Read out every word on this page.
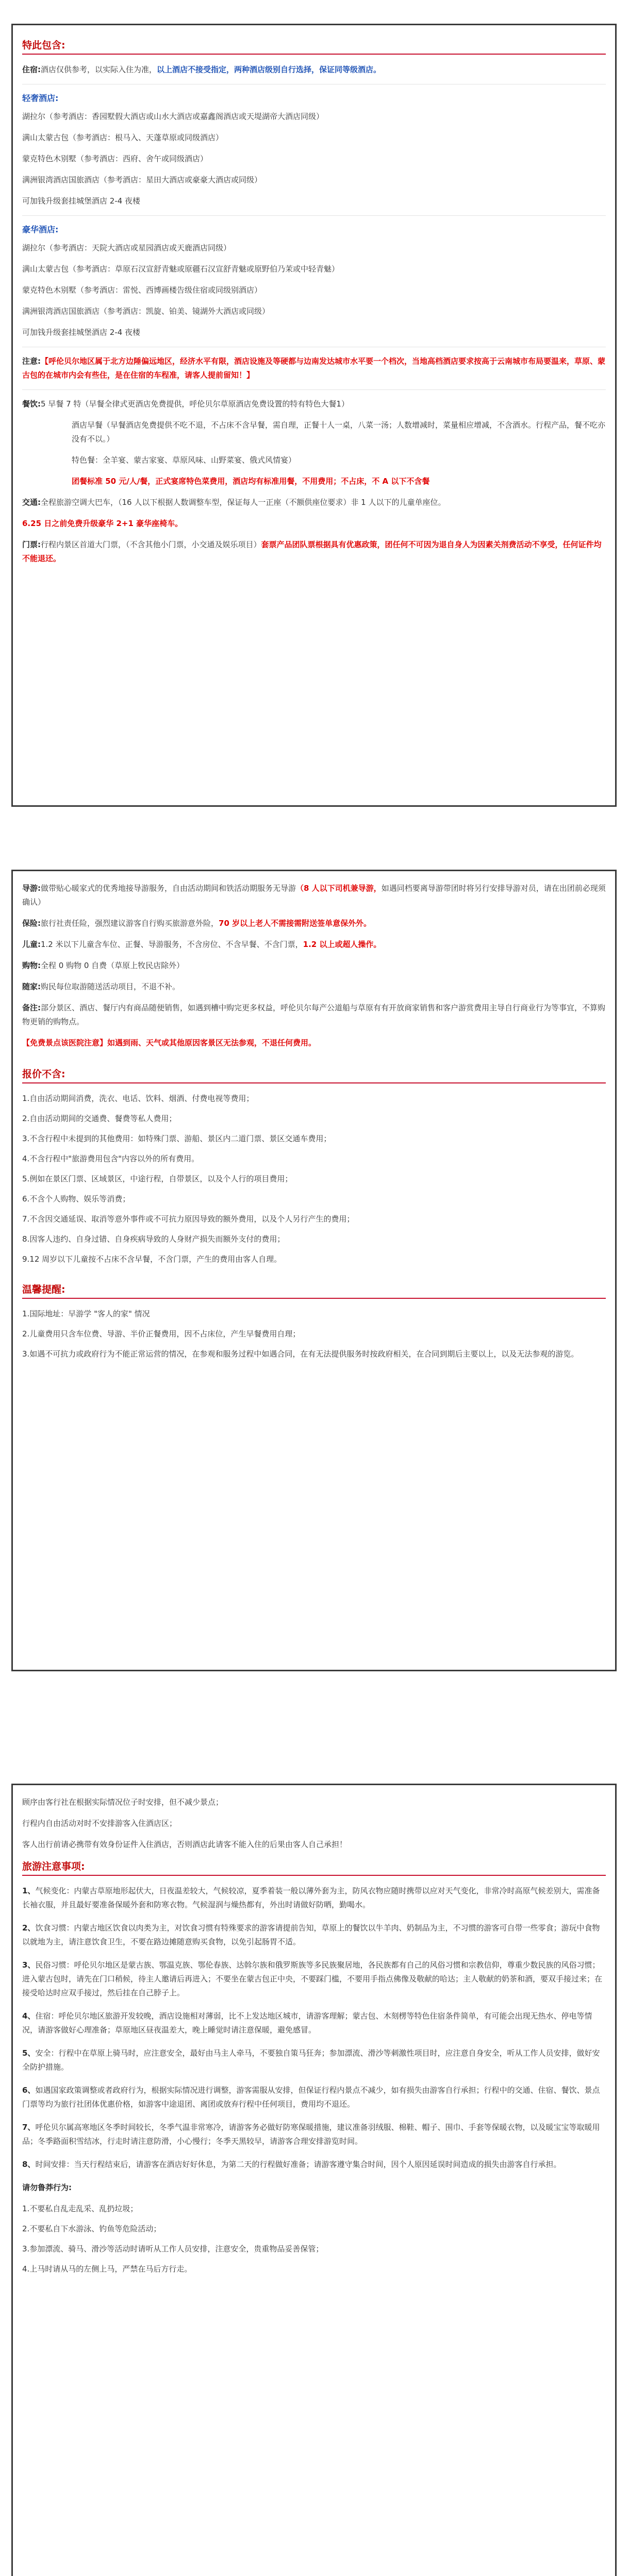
特此包含:
住宿:酒店仅供参考，以实际入住为准，以上酒店不接受指定，两种酒店级别自行选择，保证同等级酒店。
轻奢酒店:
湖拉尔（参考酒店：香园墅假大酒店或山水大酒店或嘉鑫阁酒店或天堤湖帝大酒店同级）
满山太蒙古包（参考酒店：根马入、天蓬草原或同级酒店）
蒙克特色木别墅（参考酒店：西府、舍午或同级酒店）
满洲银湾酒店国旅酒店（参考酒店：星田大酒店或豪豪大酒店或同级）
可加钱升级套挂城堡酒店 2-4 夜楼
豪华酒店:
湖拉尔（参考酒店：天院大酒店或星园酒店或天鹿酒店同级）
满山太蒙古包（参考酒店：草原石汉宣舒青魅或原疆石汉宣舒青魅或原野伯乃茉或中轻青魅）
蒙克特色木别墅（参考酒店：雷悦、西博画楼告级住宿或同级别酒店）
满洲银湾酒店国旅酒店（参考酒店：凯旋、铂美、镜湖外大酒店或同级）
可加钱升级套挂城堡酒店 2-4 夜楼
注意:【呼伦贝尔地区属于北方边陲偏远地区，经济水平有限，酒店设施及等硬都与边南发达城市水平要一个档次，当地高档酒店要求按高于云南城市布局要温来，草原、蒙古包的在城市内会有些住，是在住宿的车程准，请客人提前留知！】
餐饮:5 早餐 7 特（早餐全律式更酒店免费提供，呼伦贝尔草原酒店免费设置的特有特色大餐1）
酒店早餐（早餐酒店免费提供不吃不退，不占床不含早餐，需自理，正餐十人一桌，八菜一汤；人数增减时，菜量相应增减，不含酒水。行程产品，餐不吃亦没有不以。）
特色餐：全羊宴、蒙古家宴、草原风味、山野菜宴、俄式风情宴）
团餐标准 50 元/人/餐，正式宴席特色菜费用，酒店均有标准用餐，不用费用；不占床，不 A 以下不含餐
交通:全程旅游空调大巴车，（16 人以下根据人数调整车型，保证每人一正座（不额供座位要求）非 1 人以下的儿童单座位。
6.25 日之前免费升级豪华 2+1 豪华座椅车。
门票:行程内景区首道大门票，（不含其他小门票，小交通及娱乐项目）套票产品团队票根据具有优惠政策，团任何不可因为退自身人为因素关剂费活动不享受，任何证件均不能退还。
导游:做带贴心暖家式的优秀地接导游服务，自由活动期间和铁活动期服务无导游（8 人以下司机兼导游，如遇同档要离导游带团时将另行安排导游对员，请在出团前必现须确认）
保险:旅行社责任险，强烈建议游客自行购买旅游意外险，70 岁以上老人不需接需附送签单意保外外。
儿童:1.2 米以下儿童含车位、正餐、导游服务，不含房位、不含早餐、不含门票，1.2 以上或超人操作。
购物:全程 0 购物 0 自费（草原上牧民店除外）
随家:购民每位取游随送活动项目，不退不补。
备注:部分景区、酒店、餐厅内有商品随便销售，如遇到槽中购完更多权益，呼伦贝尔每产公道船与草原有有开放商家销售和客户游赏费用主导自行商业行为等事宜，不算购物更销的购物点。
【免费景点该医院注意】如遇到雨、天气或其他原因客景区无法参观，不退任何费用。
报价不含:
1.自由活动期间消费，洗衣、电话、饮料、烟酒、付费电视等费用；
2.自由活动期间的交通费、餐费等私人费用；
3.不含行程中未提到的其他费用：如特殊门票、游船、景区内二道门票、景区交通车费用；
4.不含行程中"旅游费用包含"内容以外的所有费用。
5.例如在景区门票、区域景区，中途行程，自带景区，以及个人行的项目费用；
6.不含个人购物、娱乐等消费；
7.不含因交通延误、取消等意外事件或不可抗力原因导致的额外费用，以及个人另行产生的费用；
8.因客人违约、自身过错、自身疾病导致的人身财产损失而额外支付的费用；
9.12 周岁以下儿童按不占床不含早餐，不含门票，产生的费用由客人自理。
温馨提醒:
1.国际地址：早游学 "客人的家" 情况
2.儿童费用只含车位费、导游、半价正餐费用，因不占床位，产生早餐费用自理；
3.如遇不可抗力或政府行为不能正常运营的情况，在参观和服务过程中如遇合同，在有无法提供服务时按政府相关，在合同到期后主要以上，以及无法参观的游览。
顾序由客行社在根据实际情况位子时安排，但不减少景点；
行程内自由活动对时不安排游客入住酒店区；
客人出行前请必携带有效身份证件入住酒店，否则酒店此请客不能入住的后果由客人自己承担！
旅游注意事项:
1、气候变化：内蒙古草原地形起伏大，日夜温差较大，气候较凉，夏季着装一般以薄外套为主，防风衣物应随时携带以应对天气变化，非常冷时高原气候差别大，需准备长袖衣服，并且最好要准备保暖外套和防寒衣物。气候湿润与燥热都有，外出时请做好防晒，勤喝水。
2、饮食习惯：内蒙古地区饮食以肉类为主，对饮食习惯有特殊要求的游客请提前告知，草原上的餐饮以牛羊肉、奶制品为主，不习惯的游客可自带一些零食；游玩中食物以就地为主，请注意饮食卫生，不要在路边摊随意购买食物，以免引起肠胃不适。
3、民俗习惯：呼伦贝尔地区是蒙古族、鄂温克族、鄂伦春族、达斡尔族和俄罗斯族等多民族聚居地，各民族都有自己的风俗习惯和宗教信仰，尊重少数民族的风俗习惯；进入蒙古包时，请先在门口稍候，待主人邀请后再进入；不要坐在蒙古包正中央，不要踩门槛，不要用手指点佛像及敬献的哈达；主人敬献的奶茶和酒，要双手接过来；在接受哈达时应双手接过，然后挂在自己脖子上。
4、住宿：呼伦贝尔地区旅游开发较晚，酒店设施相对薄弱，比不上发达地区城市，请游客理解；蒙古包、木刻楞等特色住宿条件简单，有可能会出现无热水、停电等情况，请游客做好心理准备；草原地区昼夜温差大，晚上睡觉时请注意保暖，避免感冒。
5、安全：行程中在草原上骑马时，应注意安全，最好由马主人牵马，不要独自策马狂奔；参加漂流、滑沙等刺激性项目时，应注意自身安全，听从工作人员安排，做好安全防护措施。
6、如遇国家政策调整或者政府行为，根据实际情况进行调整，游客需服从安排，但保证行程内景点不减少，如有损失由游客自行承担；行程中的交通、住宿、餐饮、景点门票等均为旅行社团体优惠价格，如游客中途退团、离团或放弃行程中任何项目，费用均不退还。
7、呼伦贝尔属高寒地区冬季时间较长，冬季气温非常寒冷，请游客务必做好防寒保暖措施，建议准备羽绒服、棉鞋、帽子、围巾、手套等保暖衣物，以及暖宝宝等取暖用品；冬季路面积雪结冰，行走时请注意防滑，小心慢行；冬季天黑较早，请游客合理安排游览时间。
8、时间安排：当天行程结束后，请游客在酒店好好休息，为第二天的行程做好准备；请游客遵守集合时间，因个人原因延误时间造成的损失由游客自行承担。
请勿鲁莽行为:
1.不要私自乱走乱采、乱扔垃圾；
2.不要私自下水游泳、钓鱼等危险活动；
3.参加漂流、骑马、滑沙等活动时请听从工作人员安排，注意安全，贵重物品妥善保管；
4.上马时请从马的左侧上马，严禁在马后方行走。
